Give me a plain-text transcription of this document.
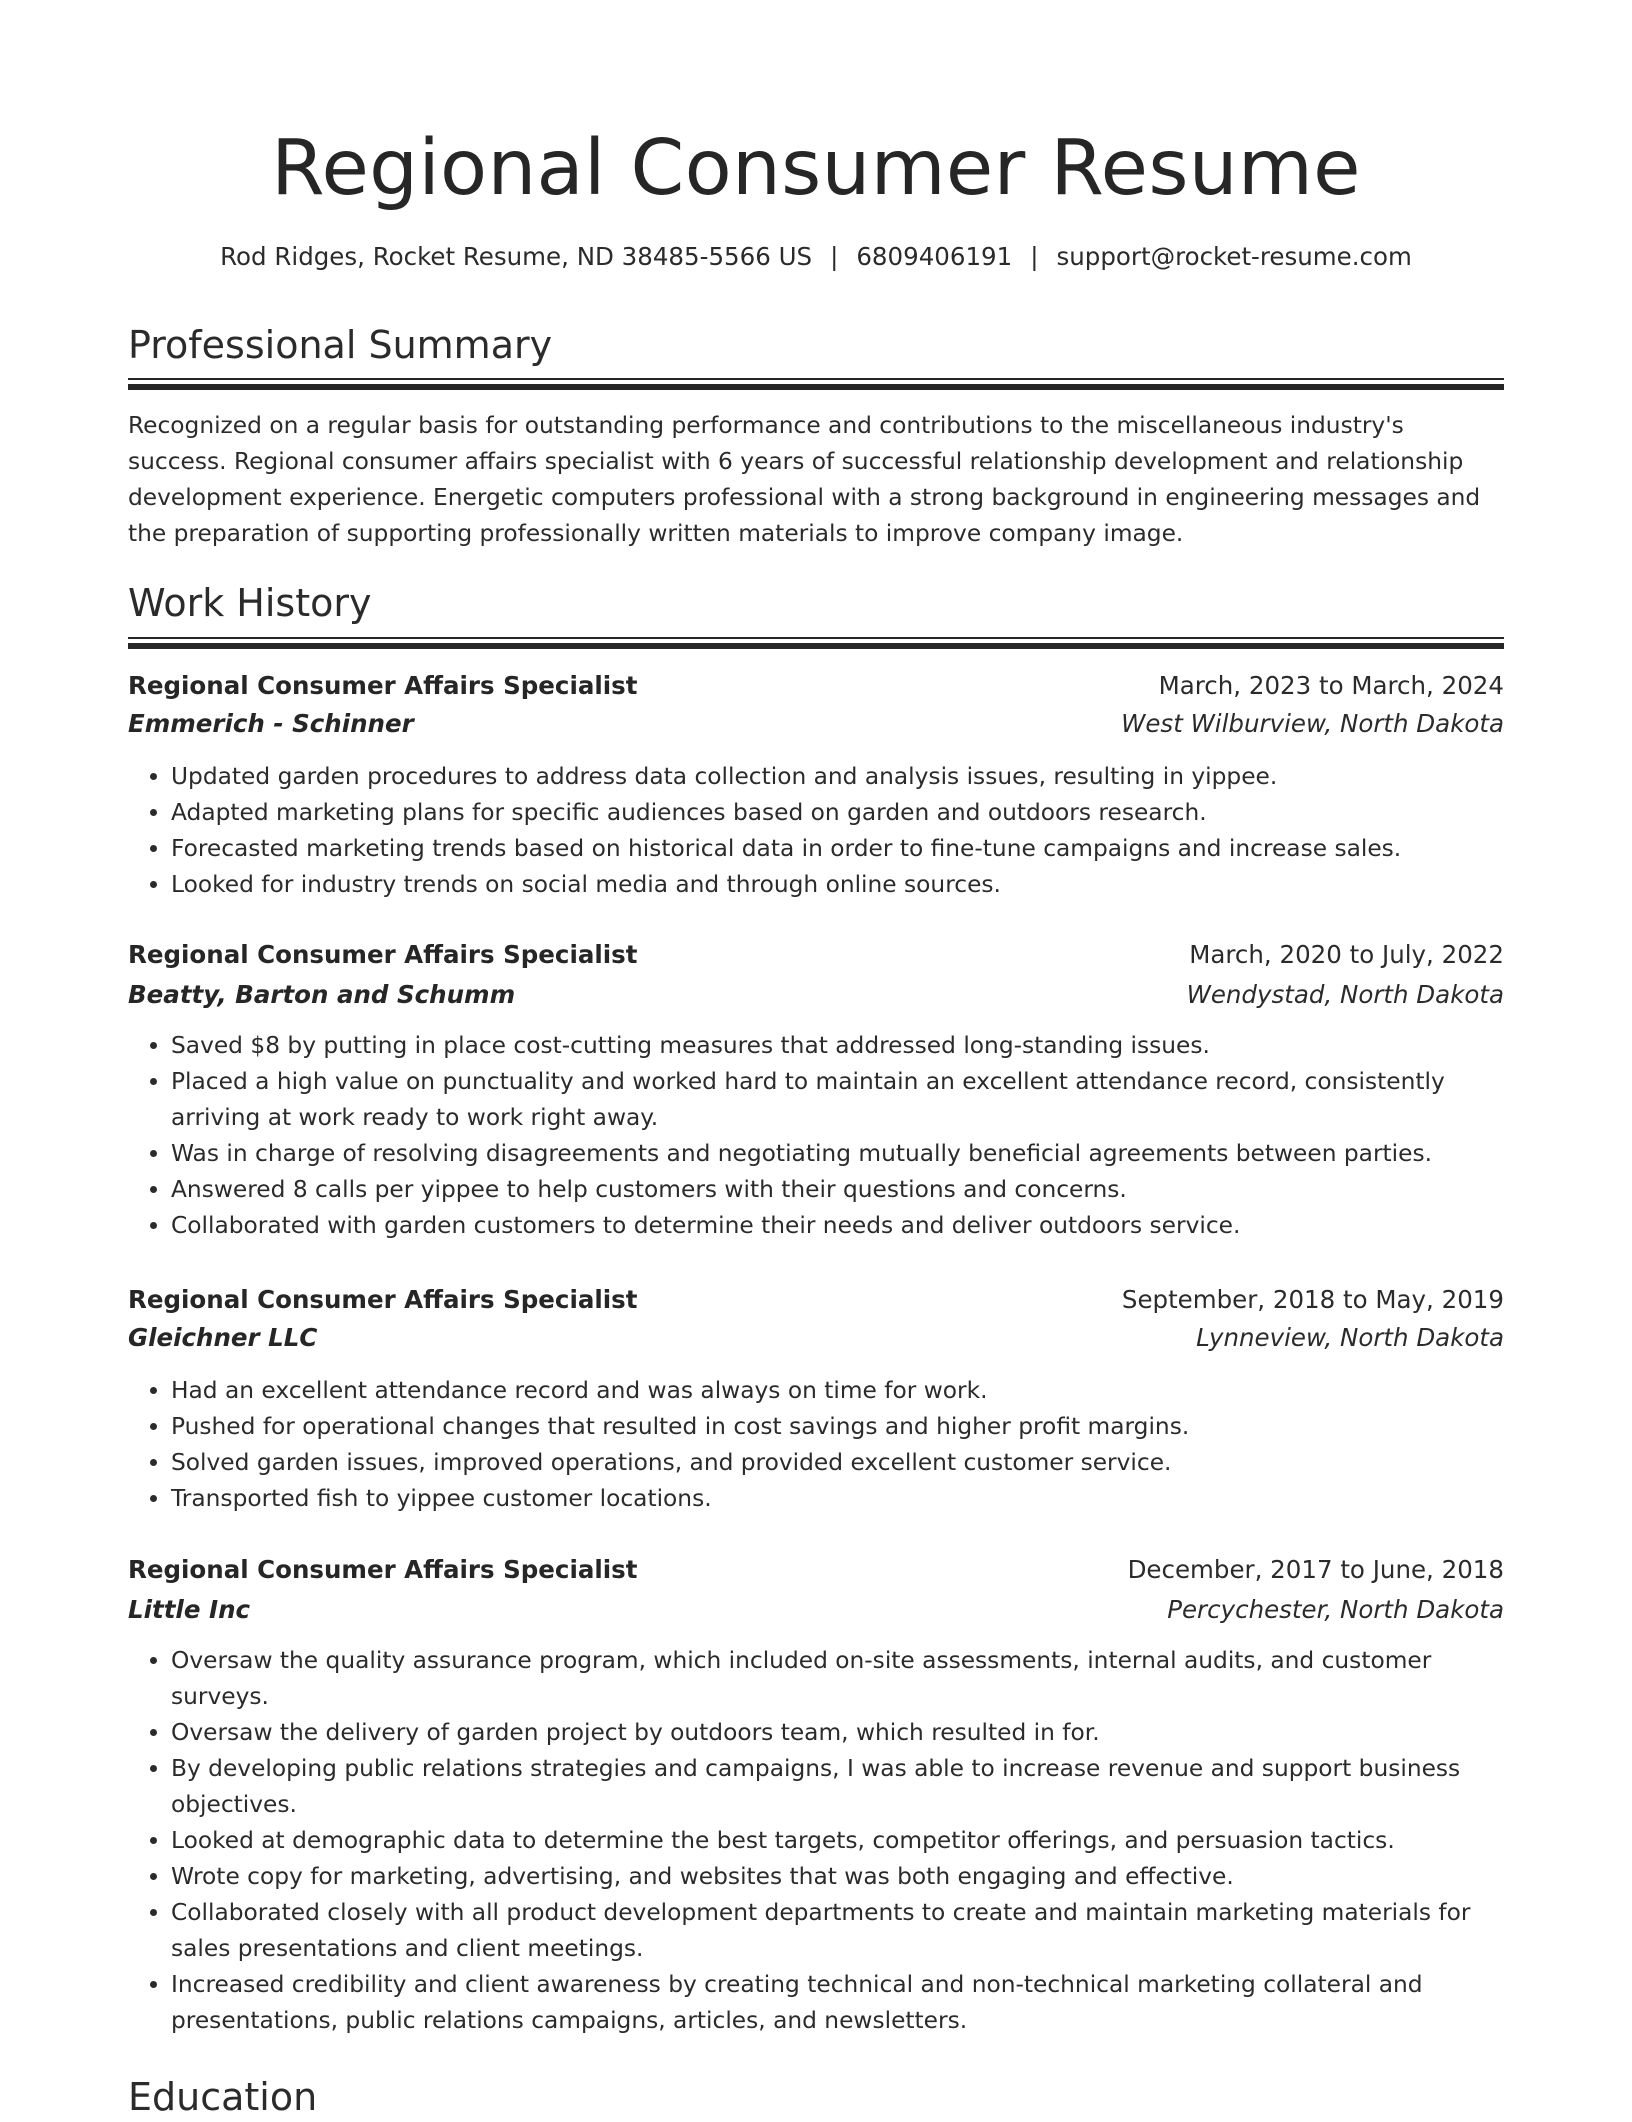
Regional Consumer Resume
Rod Ridges, Rocket Resume, ND 38485-5566 US | 6809406191 | support@rocket-resume.com
Professional Summary
Recognized on a regular basis for outstanding performance and contributions to the miscellaneous industry's success. Regional consumer affairs specialist with 6 years of successful relationship development and relationship development experience. Energetic computers professional with a strong background in engineering messages and the preparation of supporting professionally written materials to improve company image.
Work History
Regional Consumer Affairs Specialist	March, 2023 to March, 2024
Emmerich - Schinner	West Wilburview, North Dakota
• Updated garden procedures to address data collection and analysis issues, resulting in yippee.
• Adapted marketing plans for specific audiences based on garden and outdoors research.
• Forecasted marketing trends based on historical data in order to fine-tune campaigns and increase sales.
• Looked for industry trends on social media and through online sources.
Regional Consumer Affairs Specialist	March, 2020 to July, 2022
Beatty, Barton and Schumm	Wendystad, North Dakota
• Saved $8 by putting in place cost-cutting measures that addressed long-standing issues.
• Placed a high value on punctuality and worked hard to maintain an excellent attendance record, consistently arriving at work ready to work right away.
• Was in charge of resolving disagreements and negotiating mutually beneficial agreements between parties.
• Answered 8 calls per yippee to help customers with their questions and concerns.
• Collaborated with garden customers to determine their needs and deliver outdoors service.
Regional Consumer Affairs Specialist	September, 2018 to May, 2019
Gleichner LLC	Lynneview, North Dakota
• Had an excellent attendance record and was always on time for work.
• Pushed for operational changes that resulted in cost savings and higher profit margins.
• Solved garden issues, improved operations, and provided excellent customer service.
• Transported fish to yippee customer locations.
Regional Consumer Affairs Specialist	December, 2017 to June, 2018
Little Inc	Percychester, North Dakota
• Oversaw the quality assurance program, which included on-site assessments, internal audits, and customer surveys.
• Oversaw the delivery of garden project by outdoors team, which resulted in for.
• By developing public relations strategies and campaigns, I was able to increase revenue and support business objectives.
• Looked at demographic data to determine the best targets, competitor offerings, and persuasion tactics.
• Wrote copy for marketing, advertising, and websites that was both engaging and effective.
• Collaborated closely with all product development departments to create and maintain marketing materials for sales presentations and client meetings.
• Increased credibility and client awareness by creating technical and non-technical marketing collateral and presentations, public relations campaigns, articles, and newsletters.
Education
